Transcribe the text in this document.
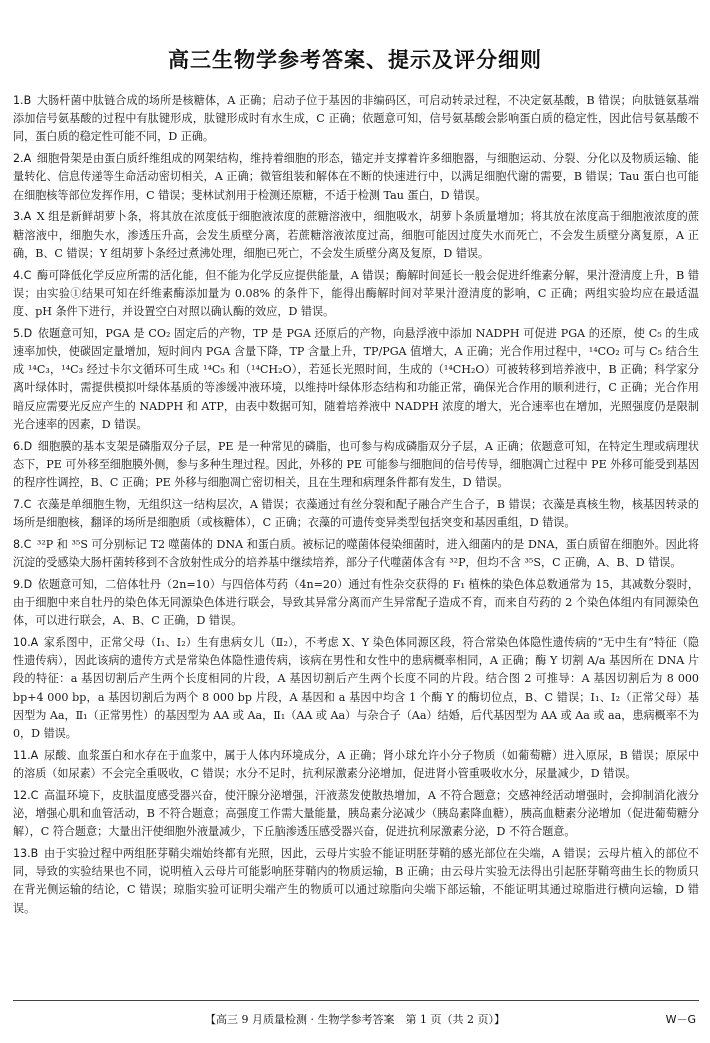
高三生物学参考答案、提示及评分细则

1.B  大肠杆菌中肽链合成的场所是核糖体，A 正确；启动子位于基因的非编码区，可启动转录过程，不决定氨基酸，B 错误；向肽链氨基端添加信号氨基酸的过程中有肽键形成，肽键形成时有水生成，C 正确；依题意可知，信号氨基酸会影响蛋白质的稳定性，因此信号氨基酸不同，蛋白质的稳定性可能不同，D 正确。

2.A  细胞骨架是由蛋白质纤维组成的网架结构，维持着细胞的形态，锚定并支撑着许多细胞器，与细胞运动、分裂、分化以及物质运输、能量转化、信息传递等生命活动密切相关，A 正确；微管组装和解体在不断的快速进行中，以满足细胞代谢的需要，B 错误；Tau 蛋白也可能在细胞核等部位发挥作用，C 错误；斐林试剂用于检测还原糖，不适于检测 Tau 蛋白，D 错误。

3.A  X 组是新鲜胡萝卜条，将其放在浓度低于细胞液浓度的蔗糖溶液中，细胞吸水，胡萝卜条质量增加；将其放在浓度高于细胞液浓度的蔗糖溶液中，细胞失水，渗透压升高，会发生质壁分离，若蔗糖溶液浓度过高，细胞可能因过度失水而死亡，不会发生质壁分离复原，A 正确，B、C 错误；Y 组胡萝卜条经过煮沸处理，细胞已死亡，不会发生质壁分离及复原，D 错误。

4.C  酶可降低化学反应所需的活化能，但不能为化学反应提供能量，A 错误；酶解时间延长一般会促进纤维素分解，果汁澄清度上升，B 错误；由实验①结果可知在纤维素酶添加量为 0.08% 的条件下，能得出酶解时间对苹果汁澄清度的影响，C 正确；两组实验均应在最适温度、pH 条件下进行，并设置空白对照以确认酶的效应，D 错误。

5.D  依题意可知，PGA 是 CO₂ 固定后的产物，TP 是 PGA 还原后的产物，向悬浮液中添加 NADPH 可促进 PGA 的还原，使 C₅ 的生成速率加快，使碳固定量增加，短时间内 PGA 含量下降，TP 含量上升，TP/PGA 值增大，A 正确；光合作用过程中，¹⁴CO₂ 可与 C₅ 结合生成 ¹⁴C₃，¹⁴C₃ 经过卡尔文循环可生成 ¹⁴C₅ 和（¹⁴CH₂O），若延长光照时间，生成的（¹⁴CH₂O）可被转移到培养液中，B 正确；科学家分离叶绿体时，需提供模拟叶绿体基质的等渗缓冲液环境，以维持叶绿体形态结构和功能正常，确保光合作用的顺利进行，C 正确；光合作用暗反应需要光反应产生的 NADPH 和 ATP，由表中数据可知，随着培养液中 NADPH 浓度的增大，光合速率也在增加，光照强度仍是限制光合速率的因素，D 错误。

6.D  细胞膜的基本支架是磷脂双分子层，PE 是一种常见的磷脂，也可参与构成磷脂双分子层，A 正确；依题意可知，在特定生理或病理状态下，PE 可外移至细胞膜外侧，参与多种生理过程。因此，外移的 PE 可能参与细胞间的信号传导，细胞凋亡过程中 PE 外移可能受到基因的程序性调控，B、C 正确；PE 外移与细胞凋亡密切相关，且在生理和病理条件都有发生，D 错误。

7.C  衣藻是单细胞生物，无组织这一结构层次，A 错误；衣藻通过有丝分裂和配子融合产生合子，B 错误；衣藻是真核生物，核基因转录的场所是细胞核，翻译的场所是细胞质（或核糖体），C 正确；衣藻的可遗传变异类型包括突变和基因重组，D 错误。

8.C  ³²P 和 ³⁵S 可分别标记 T2 噬菌体的 DNA 和蛋白质。被标记的噬菌体侵染细菌时，进入细菌内的是 DNA，蛋白质留在细胞外。因此将沉淀的受感染大肠杆菌转移到不含放射性成分的培养基中继续培养，部分子代噬菌体含有 ³²P，但均不含 ³⁵S，C 正确，A、B、D 错误。

9.D  依题意可知，二倍体牡丹（2n=10）与四倍体芍药（4n=20）通过有性杂交获得的 F₁ 植株的染色体总数通常为 15，其减数分裂时，由于细胞中来自牡丹的染色体无同源染色体进行联会，导致其异常分离而产生异常配子造成不育，而来自芍药的 2 个染色体组内有同源染色体，可以进行联会，A、B、C 正确，D 错误。

10.A  家系图中，正常父母（Ⅰ₁、Ⅰ₂）生有患病女儿（Ⅱ₂），不考虑 X、Y 染色体同源区段，符合常染色体隐性遗传病的“无中生有”特征（隐性遗传病），因此该病的遗传方式是常染色体隐性遗传病，该病在男性和女性中的患病概率相同，A 正确；酶 Y 切割 A/a 基因所在 DNA 片段的特征：a 基因切割后产生两个长度相同的片段，A 基因切割后产生两个长度不同的片段。结合图 2 可推导：A 基因切割后为 8 000 bp+4 000 bp，a 基因切割后为两个 8 000 bp 片段，A 基因和 a 基因中均含 1 个酶 Y 的酶切位点，B、C 错误；Ⅰ₁、Ⅰ₂（正常父母）基因型为 Aa，Ⅱ₁（正常男性）的基因型为 AA 或 Aa，Ⅱ₁（AA 或 Aa）与杂合子（Aa）结婚，后代基因型为 AA 或 Aa 或 aa，患病概率不为 0，D 错误。

11.A  尿酸、血浆蛋白和水存在于血浆中，属于人体内环境成分，A 正确；肾小球允许小分子物质（如葡萄糖）进入原尿，B 错误；原尿中的溶质（如尿素）不会完全重吸收，C 错误；水分不足时，抗利尿激素分泌增加，促进肾小管重吸收水分，尿量减少，D 错误。

12.C  高温环境下，皮肤温度感受器兴奋，使汗腺分泌增强，汗液蒸发使散热增加，A 不符合题意；交感神经活动增强时，会抑制消化液分泌，增强心肌和血管活动，B 不符合题意；高强度工作需大量能量，胰岛素分泌减少（胰岛素降血糖），胰高血糖素分泌增加（促进葡萄糖分解），C 符合题意；大量出汗使细胞外液量减少，下丘脑渗透压感受器兴奋，促进抗利尿激素分泌，D 不符合题意。

13.B  由于实验过程中两组胚芽鞘尖端始终都有光照，因此，云母片实验不能证明胚芽鞘的感光部位在尖端，A 错误；云母片植入的部位不同，导致的实验结果也不同，说明植入云母片可能影响胚芽鞘内的物质运输，B 正确；由云母片实验无法得出引起胚芽鞘弯曲生长的物质只在背光侧运输的结论，C 错误；琼脂实验可证明尖端产生的物质可以通过琼脂向尖端下部运输，不能证明其通过琼脂进行横向运输，D 错误。

【高三 9 月质量检测 · 生物学参考答案　第 1 页（共 2 页）】	W－G
